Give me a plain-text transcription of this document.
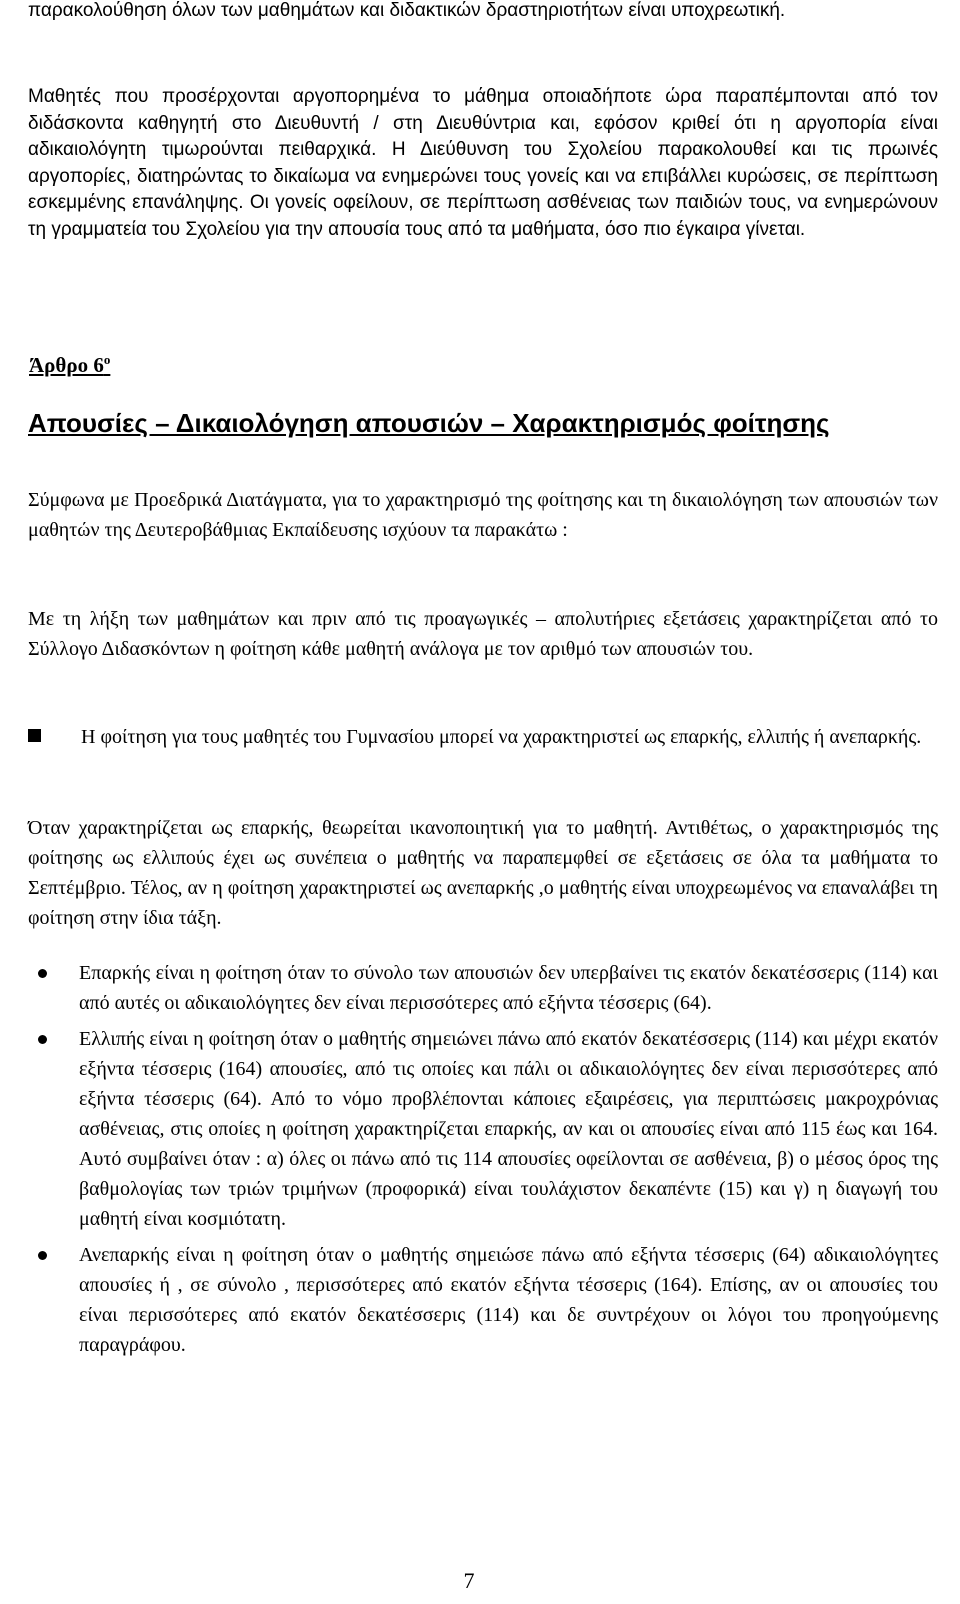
παρακολούθηση όλων των μαθημάτων και διδακτικών δραστηριοτήτων είναι υποχρεωτική.

Μαθητές που προσέρχονται αργοπορημένα το μάθημα οποιαδήποτε ώρα παραπέμπονται από τον διδάσκοντα καθηγητή στο Διευθυντή / στη Διευθύντρια και, εφόσον κριθεί ότι η αργοπορία είναι αδικαιολόγητη τιμωρούνται πειθαρχικά. Η Διεύθυνση του Σχολείου παρακολουθεί και τις πρωινές αργοπορίες, διατηρώντας το δικαίωμα να ενημερώνει τους γονείς και να επιβάλλει κυρώσεις, σε περίπτωση εσκεμμένης επανάληψης. Οι γονείς οφείλουν, σε περίπτωση ασθένειας των παιδιών τους, να ενημερώνουν τη γραμματεία του Σχολείου για την απουσία τους από τα μαθήματα, όσο πιο έγκαιρα γίνεται.

Άρθρο $6^o$

Απουσίες – Δικαιολόγηση απουσιών – Χαρακτηρισμός φοίτησης

Σύμφωνα με Προεδρικά Διατάγματα, για το χαρακτηρισμό της φοίτησης και τη δικαιολόγηση των απουσιών των μαθητών της Δευτεροβάθμιας Εκπαίδευσης ισχύουν τα παρακάτω :

Με τη λήξη των μαθημάτων και πριν από τις προαγωγικές – απολυτήριες εξετάσεις χαρακτηρίζεται από το Σύλλογο Διδασκόντων η φοίτηση κάθε μαθητή ανάλογα με τον αριθμό των απουσιών του.

Η φοίτηση για τους μαθητές του Γυμνασίου μπορεί να χαρακτηριστεί ως επαρκής, ελλιπής ή ανεπαρκής.

Όταν χαρακτηρίζεται ως επαρκής, θεωρείται ικανοποιητική για το μαθητή. Αντιθέτως, ο χαρακτηρισμός της φοίτησης ως ελλιπούς έχει ως συνέπεια ο μαθητής να παραπεμφθεί σε εξετάσεις σε όλα τα μαθήματα το Σεπτέμβριο. Τέλος, αν η φοίτηση χαρακτηριστεί ως ανεπαρκής ,ο μαθητής είναι υποχρεωμένος να επαναλάβει τη φοίτηση στην ίδια τάξη.

Επαρκής είναι η φοίτηση όταν το σύνολο των απουσιών δεν υπερβαίνει τις εκατόν δεκατέσσερις (114) και από αυτές οι αδικαιολόγητες δεν είναι περισσότερες από εξήντα τέσσερις (64).
Ελλιπής είναι η φοίτηση όταν ο μαθητής σημειώνει πάνω από εκατόν δεκατέσσερις (114) και μέχρι εκατόν εξήντα τέσσερις (164) απουσίες, από τις οποίες και πάλι οι αδικαιολόγητες δεν είναι περισσότερες από εξήντα τέσσερις (64). Από το νόμο προβλέπονται κάποιες εξαιρέσεις, για περιπτώσεις μακροχρόνιας ασθένειας, στις οποίες η φοίτηση χαρακτηρίζεται επαρκής, αν και οι απουσίες είναι από 115 έως και 164. Αυτό συμβαίνει όταν : α) όλες οι πάνω από τις 114 απουσίες οφείλονται σε ασθένεια, β) ο μέσος όρος της βαθμολογίας των τριών τριμήνων (προφορικά) είναι τουλάχιστον δεκαπέντε (15) και γ) η διαγωγή του μαθητή είναι κοσμιότατη.
Ανεπαρκής είναι η φοίτηση όταν ο μαθητής σημειώσε πάνω από εξήντα τέσσερις (64) αδικαιολόγητες απουσίες ή , σε σύνολο , περισσότερες από εκατόν εξήντα τέσσερις (164). Επίσης, αν οι απουσίες του είναι περισσότερες από εκατόν δεκατέσσερις (114) και δε συντρέχουν οι λόγοι του προηγούμενης παραγράφου.

7
